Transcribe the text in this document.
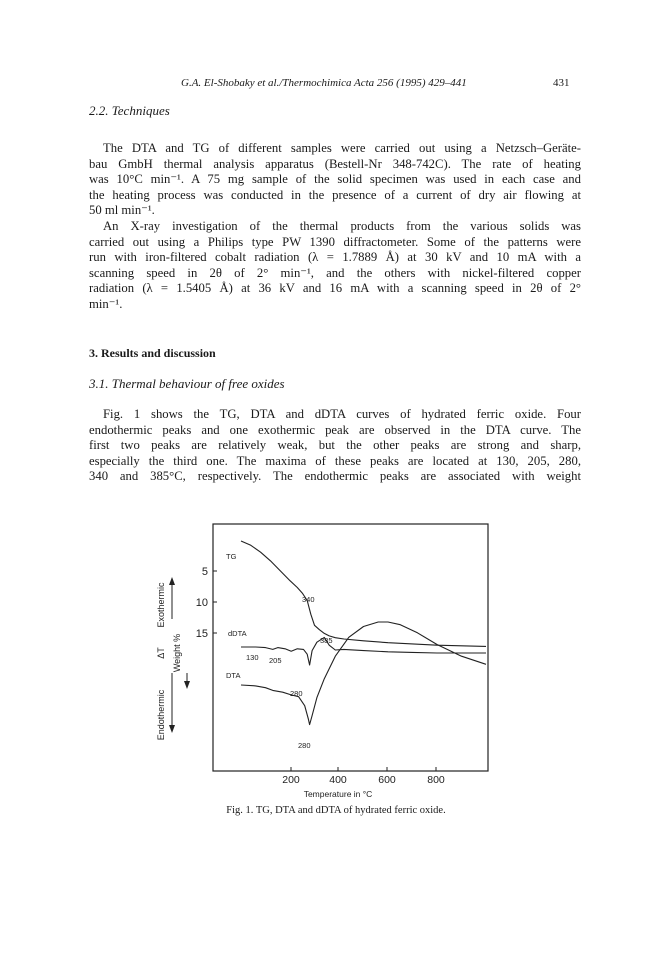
G.A. El-Shobaky et al./Thermochimica Acta 256 (1995) 429–441	431
2.2. Techniques
The DTA and TG of different samples were carried out using a Netzsch–Geräte-
bau GmbH thermal analysis apparatus (Bestell-Nr 348-742C). The rate of heating
was 10°C min⁻¹. A 75 mg sample of the solid specimen was used in each case and
the heating process was conducted in the presence of a current of dry air flowing at
50 ml min⁻¹.
An X-ray investigation of the thermal products from the various solids was
carried out using a Philips type PW 1390 diffractometer. Some of the patterns were
run with iron-filtered cobalt radiation (λ = 1.7889 Å) at 30 kV and 10 mA with a
scanning speed in 2θ of 2° min⁻¹, and the others with nickel-filtered copper
radiation (λ = 1.5405 Å) at 36 kV and 16 mA with a scanning speed in 2θ of 2°
min⁻¹.
3. Results and discussion
3.1. Thermal behaviour of free oxides
Fig. 1 shows the TG, DTA and dDTA curves of hydrated ferric oxide. Four
endothermic peaks and one exothermic peak are observed in the DTA curve. The
first two peaks are relatively weak, but the other peaks are strong and sharp,
especially the third one. The maxima of these peaks are located at 130, 205, 280,
340 and 385°C, respectively. The endothermic peaks are associated with weight
Endothermic
ΔT
Exothermic
Weight %
5
10
15
200	400	600	800
Temperature in °C
TG
dDTA
DTA
340
385
130 205
280
280
Fig. 1. TG, DTA and dDTA of hydrated ferric oxide.
